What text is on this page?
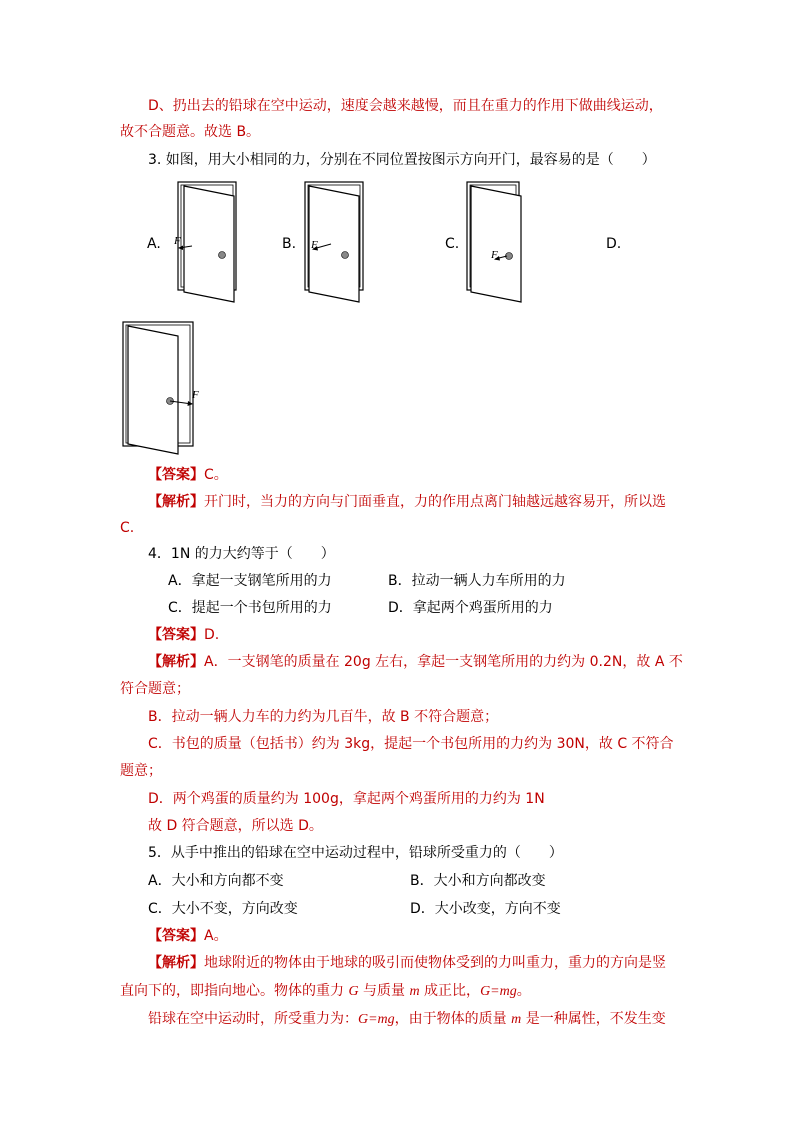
D、扔出去的铅球在空中运动，速度会越来越慢，而且在重力的作用下做曲线运动，
故不合题意。故选 B。
3. 如图，用大小相同的力，分别在不同位置按图示方向开门，最容易的是（　　）
A.	B.	C.	D.
F	F
F
F
【答案】C。
【解析】开门时，当力的方向与门面垂直，力的作用点离门轴越远越容易开，所以选
C.
4．1N 的力大约等于（　　）
A．拿起一支钢笔所用的力	B．拉动一辆人力车所用的力
C．提起一个书包所用的力	D．拿起两个鸡蛋所用的力
【答案】D.
【解析】A．一支钢笔的质量在 20g 左右，拿起一支钢笔所用的力约为 0.2N，故 A 不
符合题意；
B．拉动一辆人力车的力约为几百牛，故 B 不符合题意；
C．书包的质量（包括书）约为 3kg，提起一个书包所用的力约为 30N，故 C 不符合
题意；
D．两个鸡蛋的质量约为 100g，拿起两个鸡蛋所用的力约为 1N
故 D 符合题意，所以选 D。
5．从手中推出的铅球在空中运动过程中，铅球所受重力的（　　）
A．大小和方向都不变	B．大小和方向都改变
C．大小不变，方向改变	D．大小改变，方向不变
【答案】A。
【解析】地球附近的物体由于地球的吸引而使物体受到的力叫重力，重力的方向是竖
直向下的，即指向地心。物体的重力 G 与质量 m 成正比，G=mg。
铅球在空中运动时，所受重力为：G=mg，由于物体的质量 m 是一种属性，不发生变
